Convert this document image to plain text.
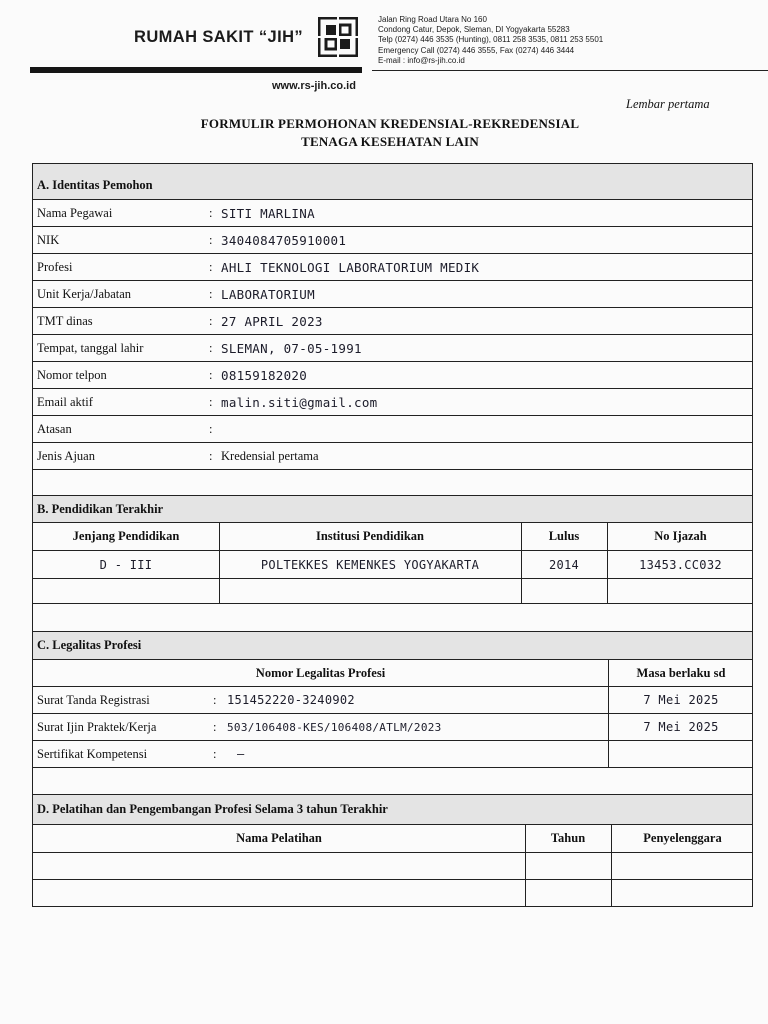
RUMAH SAKIT “JIH”
Jalan Ring Road Utara No 160
Condong Catur, Depok, Sleman, DI Yogyakarta 55283
Telp (0274) 446 3535 (Hunting), 0811 258 3535, 0811 253 5501
Emergency Call (0274) 446 3555, Fax (0274) 446 3444
E-mail : info@rs-jih.co.id
www.rs-jih.co.id
Lembar pertama
FORMULIR PERMOHONAN KREDENSIAL-REKREDENSIAL
TENAGA KESEHATAN LAIN
A. Identitas Pemohon
Nama Pegawai	: SITI MARLINA
NIK	: 3404084705910001
Profesi	: AHLI TEKNOLOGI LABORATORIUM MEDIK
Unit Kerja/Jabatan	: LABORATORIUM
TMT dinas	: 27 APRIL 2023
Tempat, tanggal lahir	: SLEMAN, 07-05-1991
Nomor telpon	: 08159182020
Email aktif	: malin.siti@gmail.com
Atasan	:
Jenis Ajuan	: Kredensial pertama
B. Pendidikan Terakhir
Jenjang Pendidikan	Institusi Pendidikan	Lulus	No Ijazah
D - III	POLTEKKES KEMENKES YOGYAKARTA	2014	13453.CC032
C. Legalitas Profesi
Nomor Legalitas Profesi	Masa berlaku sd
Surat Tanda Registrasi	: 151452220-3240902	7 Mei 2025
Surat Ijin Praktek/Kerja	: 503/106408-KES/106408/ATLM/2023	7 Mei 2025
Sertifikat Kompetensi	: —
D. Pelatihan dan Pengembangan Profesi Selama 3 tahun Terakhir
Nama Pelatihan	Tahun	Penyelenggara
